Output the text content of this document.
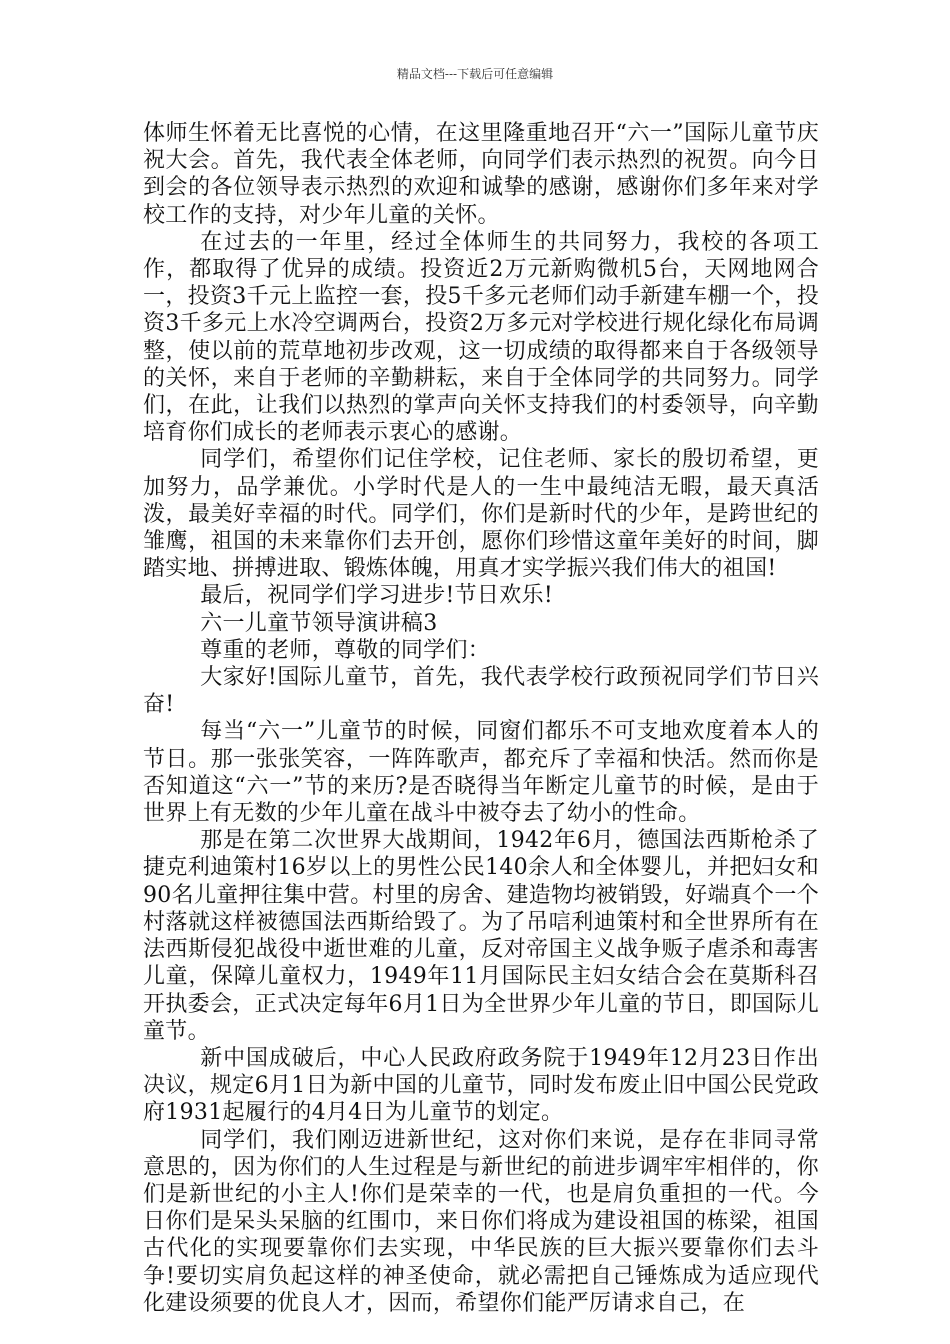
精品文档---下载后可任意编辑

体师生怀着无比喜悦的心情，在这里隆重地召开“六一”国际儿童节庆祝大会。首先，我代表全体老师，向同学们表示热烈的祝贺。向今日到会的各位领导表示热烈的欢迎和诚挚的感谢，感谢你们多年来对学校工作的支持，对少年儿童的关怀。

在过去的一年里，经过全体师生的共同努力，我校的各项工作，都取得了优异的成绩。投资近2万元新购微机5台，天网地网合一，投资3千元上监控一套，投5千多元老师们动手新建车棚一个，投资3千多元上水冷空调两台，投资2万多元对学校进行规化绿化布局调整，使以前的荒草地初步改观，这一切成绩的取得都来自于各级领导的关怀，来自于老师的辛勤耕耘，来自于全体同学的共同努力。同学们，在此，让我们以热烈的掌声向关怀支持我们的村委领导，向辛勤培育你们成长的老师表示衷心的感谢。

同学们，希望你们记住学校，记住老师、家长的殷切希望，更加努力，品学兼优。小学时代是人的一生中最纯洁无暇，最天真活泼，最美好幸福的时代。同学们，你们是新时代的少年，是跨世纪的雏鹰，祖国的未来靠你们去开创，愿你们珍惜这童年美好的时间，脚踏实地、拼搏进取、锻炼体魄，用真才实学振兴我们伟大的祖国!

最后，祝同学们学习进步!节日欢乐!

六一儿童节领导演讲稿3

尊重的老师，尊敬的同学们：

大家好!国际儿童节，首先，我代表学校行政预祝同学们节日兴奋!

每当“六一”儿童节的时候，同窗们都乐不可支地欢度着本人的节日。那一张张笑容，一阵阵歌声，都充斥了幸福和快活。然而你是否知道这“六一”节的来历?是否晓得当年断定儿童节的时候，是由于世界上有无数的少年儿童在战斗中被夺去了幼小的性命。

那是在第二次世界大战期间，1942年6月，德国法西斯枪杀了捷克利迪策村16岁以上的男性公民140余人和全体婴儿，并把妇女和90名儿童押往集中营。村里的房舍、建造物均被销毁，好端真个一个村落就这样被德国法西斯给毁了。为了吊唁利迪策村和全世界所有在法西斯侵犯战役中逝世难的儿童，反对帝国主义战争贩子虐杀和毒害儿童，保障儿童权力，1949年11月国际民主妇女结合会在莫斯科召开执委会，正式决定每年6月1日为全世界少年儿童的节日，即国际儿童节。

新中国成破后，中心人民政府政务院于1949年12月23日作出决议，规定6月1日为新中国的儿童节，同时发布废止旧中国公民党政府1931起履行的4月4日为儿童节的划定。

同学们，我们刚迈进新世纪，这对你们来说，是存在非同寻常意思的，因为你们的人生过程是与新世纪的前进步调牢牢相伴的，你们是新世纪的小主人!你们是荣幸的一代，也是肩负重担的一代。今日你们是呆头呆脑的红围巾，来日你们将成为建设祖国的栋梁，祖国古代化的实现要靠你们去实现，中华民族的巨大振兴要靠你们去斗争!要切实肩负起这样的神圣使命，就必需把自己锤炼成为适应现代化建设须要的优良人才，因而，希望你们能严厉请求自己，在
